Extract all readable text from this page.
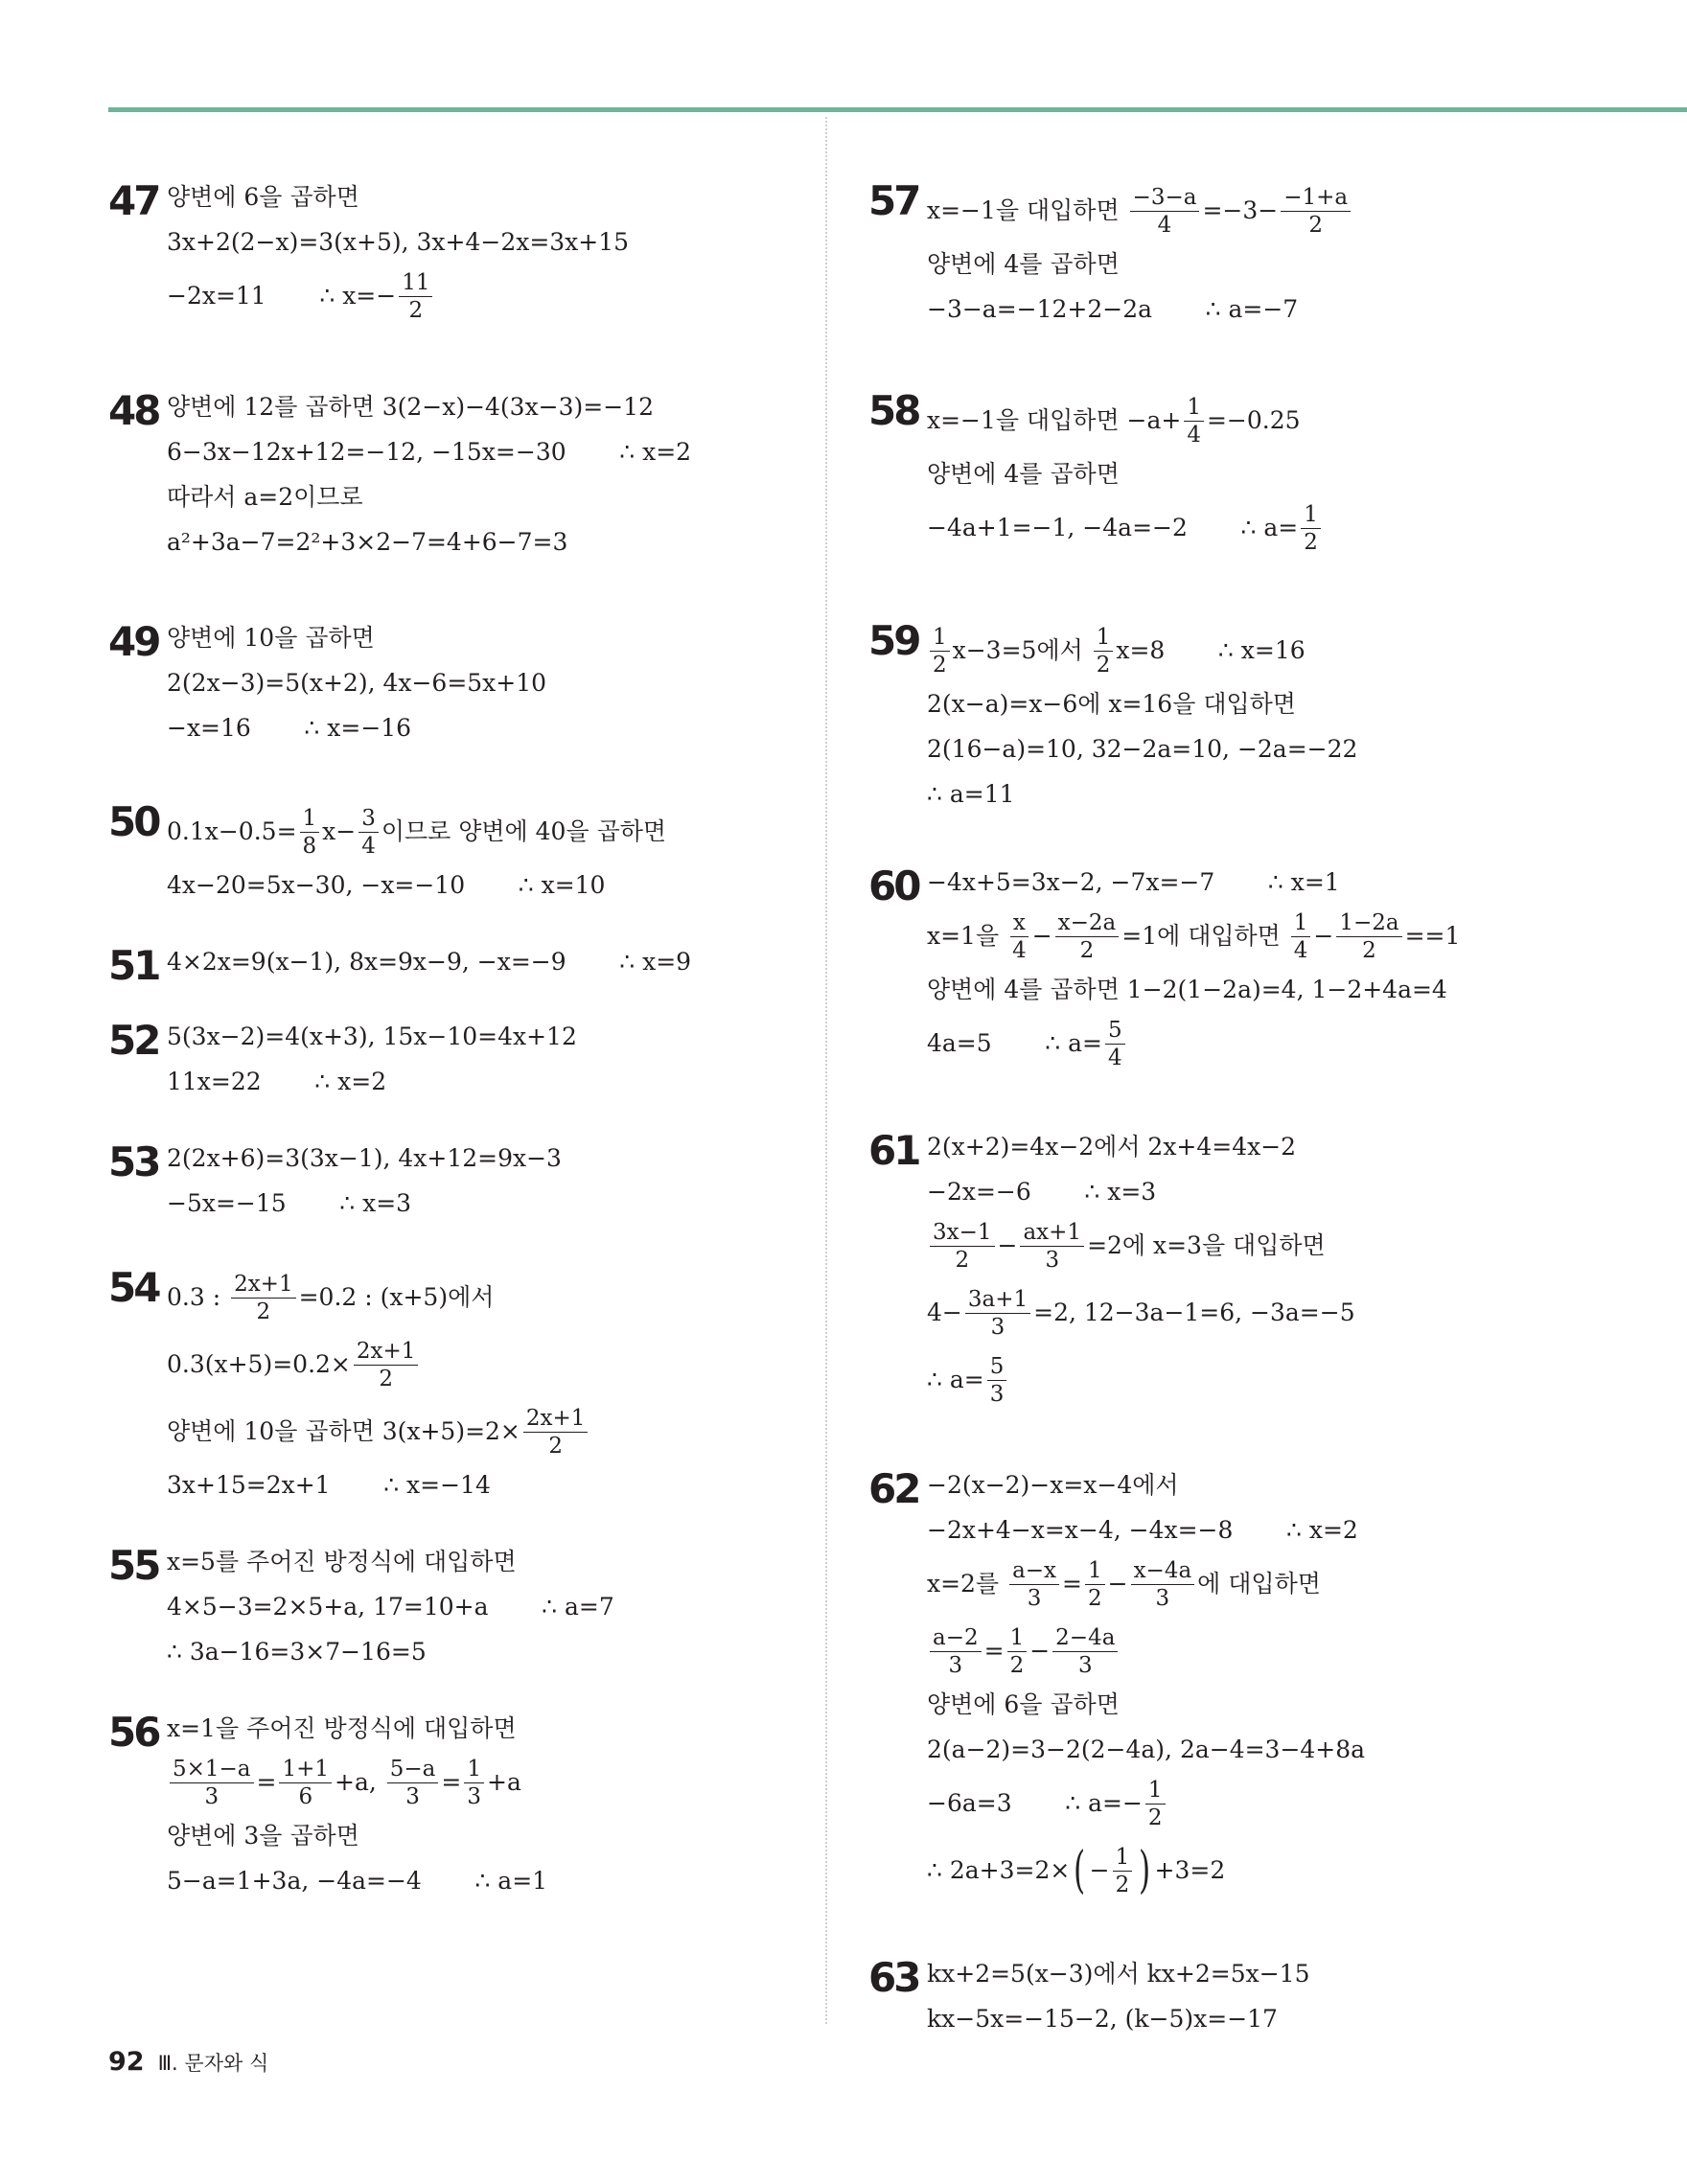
47 양변에 6을 곱하면
3x+2(2−x)=3(x+5), 3x+4−2x=3x+15
−2x=11       ∴ $x=- \frac{11}{2}$
48 양변에 12를 곱하면 3(2−x)−4(3x−3)=−12
6−3x−12x+12=−12, −15x=−30       ∴ x=2
따라서 a=2이므로
a²+3a−7=2²+3×2−7=4+6−7=3
49 양변에 10을 곱하면
2(2x−3)=5(x+2), 4x−6=5x+10
−x=16       ∴ x=−16
50 $0.1x-0.5= \frac{1}{8} x- \frac{3}{4}$ 이므로 양변에 40을 곱하면
4x−20=5x−30, −x=−10       ∴ x=10
51 4×2x=9(x−1), 8x=9x−9, −x=−9       ∴ x=9
52 5(3x−2)=4(x+3), 15x−10=4x+12
11x=22       ∴ x=2
53 2(2x+6)=3(3x−1), 4x+12=9x−3
−5x=−15       ∴ x=3
54 0.3 : $\frac{2x+1}{2} =0.2$ : (x+5)에서
$0.3(x+5)=0.2\times \frac{2x+1}{2}$
양변에 10을 곱하면 $3(x+5)=2\times \frac{2x+1}{2}$
3x+15=2x+1       ∴ x=−14
55 x=5를 주어진 방정식에 대입하면
4×5−3=2×5+a, 17=10+a       ∴ a=7
∴ 3a−16=3×7−16=5
56 x=1을 주어진 방정식에 대입하면
$\frac{5\times 1-a}{3} = \frac{1+1}{6} +a$, $\frac{5-a}{3} = \frac{1}{3} +a$
양변에 3을 곱하면
5−a=1+3a, −4a=−4       ∴ a=1
57 x=−1을 대입하면 $\frac{-3-a}{4} =-3- \frac{-1+a}{2}$
양변에 4를 곱하면
−3−a=−12+2−2a       ∴ a=−7
58 x=−1을 대입하면 $-a+ \frac{1}{4} =-0.25$
양변에 4를 곱하면
−4a+1=−1, −4a=−2       ∴ $a= \frac{1}{2}$
$59 \frac{1}{2} x-3=5$에서 $\frac{1}{2} x=8$       ∴ x=16
2(x−a)=x−6에 x=16을 대입하면
2(16−a)=10, 32−2a=10, −2a=−22
∴ a=11
60 −4x+5=3x−2, −7x=−7       ∴ x=1
x=1을 $\frac{x}{4} - \frac{x-2a}{2} =1$에 대입하면 $\frac{1}{4} - \frac{1-2a}{2} ==1$
양변에 4를 곱하면 1−2(1−2a)=4, 1−2+4a=4
4a=5       ∴ $a= \frac{5}{4}$
61 2(x+2)=4x−2에서 2x+4=4x−2
−2x=−6       ∴ x=3
$\frac{3x-1}{2} - \frac{ax+1}{3} =2$에 x=3을 대입하면
$4- \frac{3a+1}{3} =2$, 12−3a−1=6, −3a=−5
∴ $a= \frac{5}{3}$
62 −2(x−2)−x=x−4에서
−2x+4−x=x−4, −4x=−8       ∴ x=2
x=2를 $\frac{a-x}{3} = \frac{1}{2} - \frac{x-4a}{3}$ 에 대입하면
$\frac{a-2}{3} = \frac{1}{2} - \frac{2-4a}{3}$
양변에 6을 곱하면
2(a−2)=3−2(2−4a), 2a−4=3−4+8a
−6a=3       ∴ $a=- \frac{1}{2}$
∴ 2a+3=2× ( − $\frac{1}{2}$ ) +3=2
63 kx+2=5(x−3)에서 kx+2=5x−15
kx−5x=−15−2, (k−5)x=−17
92 Ⅲ. 문자와 식
